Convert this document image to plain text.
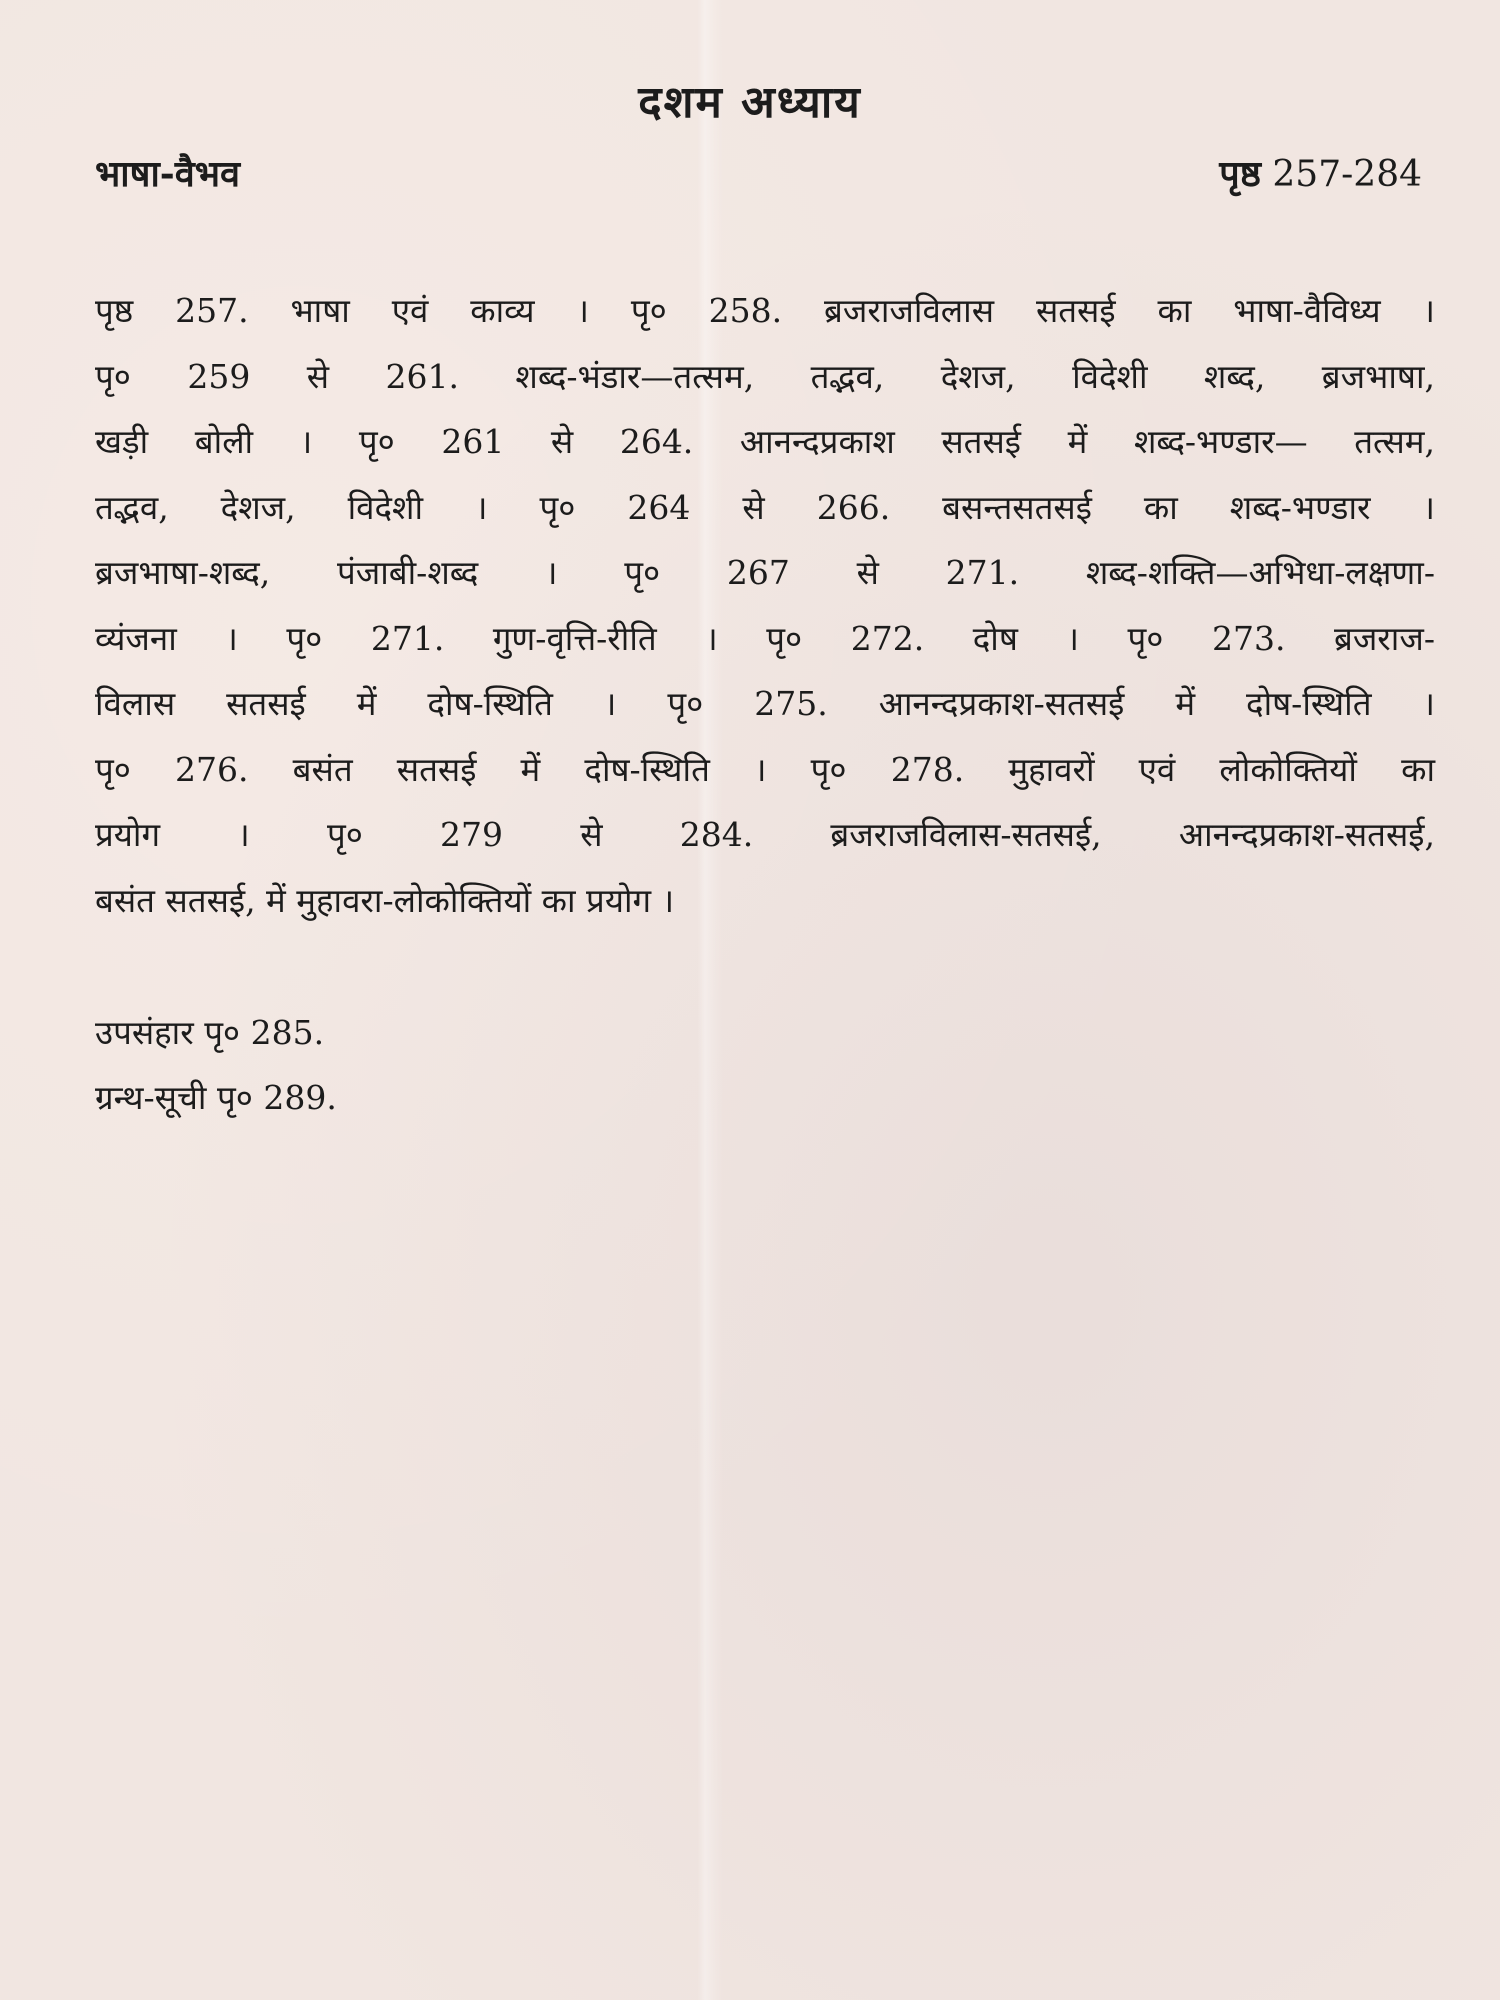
दशम अध्याय
भाषा-वैभव	पृष्ठ 257-284
पृष्ठ 257. भाषा एवं काव्य । पृ० 258. ब्रजराजविलास सतसई का भाषा-वैविध्य ।
पृ० 259 से 261. शब्द-भंडार—तत्सम, तद्भव, देशज, विदेशी शब्द, ब्रजभाषा,
खड़ी बोली । पृ० 261 से 264. आनन्दप्रकाश सतसई में शब्द-भण्डार— तत्सम,
तद्भव, देशज, विदेशी । पृ० 264 से 266. बसन्तसतसई का शब्द-भण्डार ।
ब्रजभाषा-शब्द, पंजाबी-शब्द । पृ० 267 से 271. शब्द-शक्ति—अभिधा-लक्षणा-
व्यंजना । पृ० 271. गुण-वृत्ति-रीति । पृ० 272. दोष । पृ० 273. ब्रजराज-
विलास सतसई में दोष-स्थिति । पृ० 275. आनन्दप्रकाश-सतसई में दोष-स्थिति ।
पृ० 276. बसंत सतसई में दोष-स्थिति । पृ० 278. मुहावरों एवं लोकोक्तियों का
प्रयोग । पृ० 279 से 284. ब्रजराजविलास-सतसई, आनन्दप्रकाश-सतसई,
बसंत सतसई, में मुहावरा-लोकोक्तियों का प्रयोग ।
उपसंहार पृ० 285.
ग्रन्थ-सूची पृ० 289.
